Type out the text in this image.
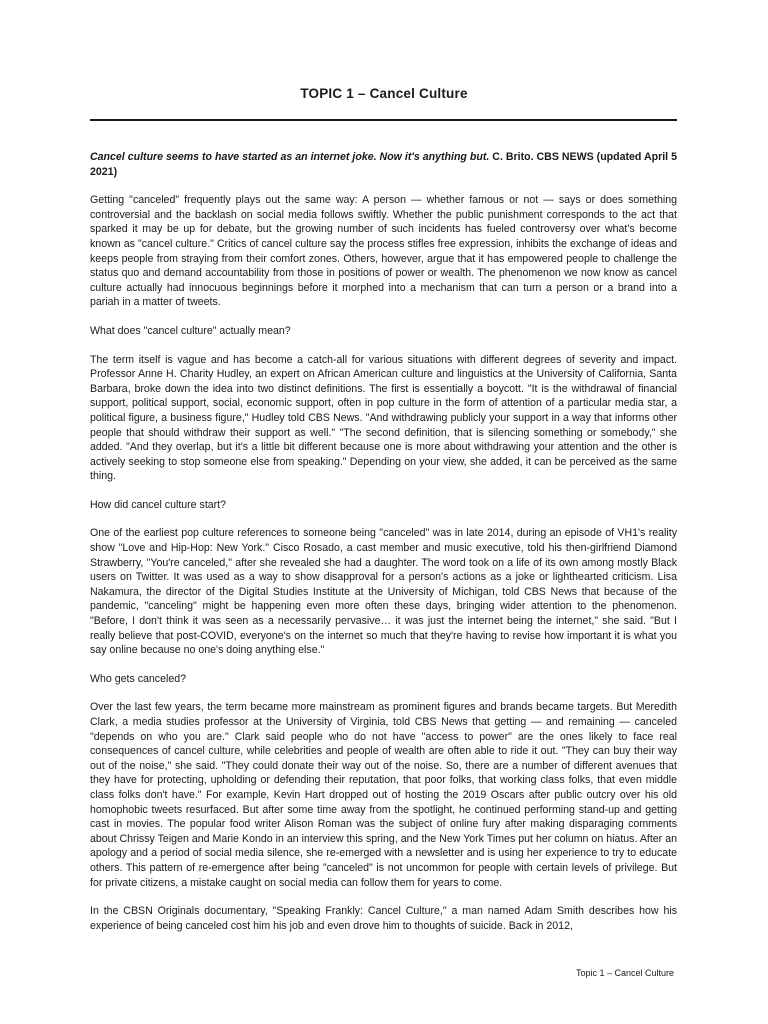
TOPIC 1 – Cancel Culture

Cancel culture seems to have started as an internet joke. Now it's anything but. C. Brito. CBS NEWS (updated April 5 2021)

Getting "canceled" frequently plays out the same way: A person — whether famous or not — says or does something controversial and the backlash on social media follows swiftly. Whether the public punishment corresponds to the act that sparked it may be up for debate, but the growing number of such incidents has fueled controversy over what's become known as "cancel culture." Critics of cancel culture say the process stifles free expression, inhibits the exchange of ideas and keeps people from straying from their comfort zones. Others, however, argue that it has empowered people to challenge the status quo and demand accountability from those in positions of power or wealth. The phenomenon we now know as cancel culture actually had innocuous beginnings before it morphed into a mechanism that can turn a person or a brand into a pariah in a matter of tweets.

What does "cancel culture" actually mean?

The term itself is vague and has become a catch-all for various situations with different degrees of severity and impact. Professor Anne H. Charity Hudley, an expert on African American culture and linguistics at the University of California, Santa Barbara, broke down the idea into two distinct definitions. The first is essentially a boycott. "It is the withdrawal of financial support, political support, social, economic support, often in pop culture in the form of attention of a particular media star, a political figure, a business figure," Hudley told CBS News. "And withdrawing publicly your support in a way that informs other people that should withdraw their support as well." "The second definition, that is silencing something or somebody," she added. "And they overlap, but it's a little bit different because one is more about withdrawing your attention and the other is actively seeking to stop someone else from speaking." Depending on your view, she added, it can be perceived as the same thing.

How did cancel culture start?

One of the earliest pop culture references to someone being "canceled" was in late 2014, during an episode of VH1's reality show "Love and Hip-Hop: New York." Cisco Rosado, a cast member and music executive, told his then-girlfriend Diamond Strawberry, "You're canceled," after she revealed she had a daughter. The word took on a life of its own among mostly Black users on Twitter. It was used as a way to show disapproval for a person's actions as a joke or lighthearted criticism. Lisa Nakamura, the director of the Digital Studies Institute at the University of Michigan, told CBS News that because of the pandemic, "canceling" might be happening even more often these days, bringing wider attention to the phenomenon. "Before, I don't think it was seen as a necessarily pervasive… it was just the internet being the internet," she said. "But I really believe that post-COVID, everyone's on the internet so much that they're having to revise how important it is what you say online because no one's doing anything else."

Who gets canceled?

Over the last few years, the term became more mainstream as prominent figures and brands became targets. But Meredith Clark, a media studies professor at the University of Virginia, told CBS News that getting — and remaining — canceled "depends on who you are." Clark said people who do not have "access to power" are the ones likely to face real consequences of cancel culture, while celebrities and people of wealth are often able to ride it out. "They can buy their way out of the noise," she said. "They could donate their way out of the noise. So, there are a number of different avenues that they have for protecting, upholding or defending their reputation, that poor folks, that working class folks, that even middle class folks don't have." For example, Kevin Hart dropped out of hosting the 2019 Oscars after public outcry over his old homophobic tweets resurfaced. But after some time away from the spotlight, he continued performing stand-up and getting cast in movies. The popular food writer Alison Roman was the subject of online fury after making disparaging comments about Chrissy Teigen and Marie Kondo in an interview this spring, and the New York Times put her column on hiatus. After an apology and a period of social media silence, she re-emerged with a newsletter and is using her experience to try to educate others. This pattern of re-emergence after being "canceled" is not uncommon for people with certain levels of privilege. But for private citizens, a mistake caught on social media can follow them for years to come.

In the CBSN Originals documentary, "Speaking Frankly: Cancel Culture," a man named Adam Smith describes how his experience of being canceled cost him his job and even drove him to thoughts of suicide. Back in 2012,

Topic 1 – Cancel Culture
